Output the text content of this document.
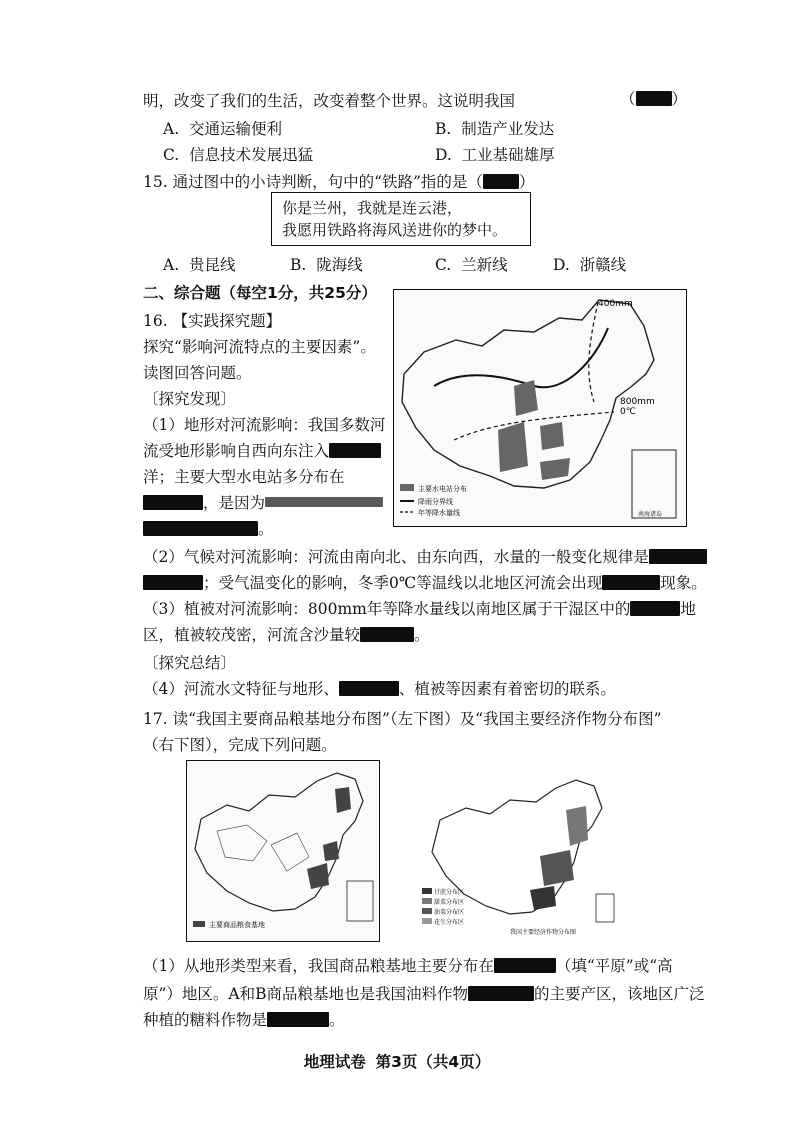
明，改变了我们的生活，改变着整个世界。这说明我国	（ ）
A. 交通运输便利	B. 制造产业发达
C. 信息技术发展迅猛	D. 工业基础雄厚
15. 通过图中的小诗判断，句中的“铁路”指的是（ ）
你是兰州，我就是连云港，
我愿用铁路将海风送进你的梦中。
A. 贵昆线	B. 陇海线	C. 兰新线	D. 浙赣线
二、综合题（每空1分，共25分）
16. 【实践探究题】
探究“影响河流特点的主要因素”。
读图回答问题。
〔探究发现〕
（1）地形对河流影响：我国多数河
流受地形影响自西向东注入
洋；主要大型水电站多分布在
，是因为
。
主要水电站分布
降雨分界线
年等降水量线
400mm
800mm
0℃
南海诸岛
（2）气候对河流影响：河流由南向北、由东向西，水量的一般变化规律是
；受气温变化的影响，冬季0℃等温线以北地区河流会出现	现象。
（3）植被对河流影响：800mm年等降水量线以南地区属于干湿区中的	地
区，植被较茂密，河流含沙量较	。
〔探究总结〕
（4）河流水文特征与地形、	、植被等因素有着密切的联系。
17. 读“我国主要商品粮基地分布图”（左下图）及“我国主要经济作物分布图”
（右下图），完成下列问题。
主要商品粮食基地
甘蔗分布区
甜菜分布区
油菜分布区
花生分布区
我国主要经济作物分布图
（1）从地形类型来看，我国商品粮基地主要分布在	（填“平原”或“高
原”）地区。A和B商品粮基地也是我国油料作物	的主要产区，该地区广泛
种植的糖料作物是	。
地理试卷 第3页（共4页）
